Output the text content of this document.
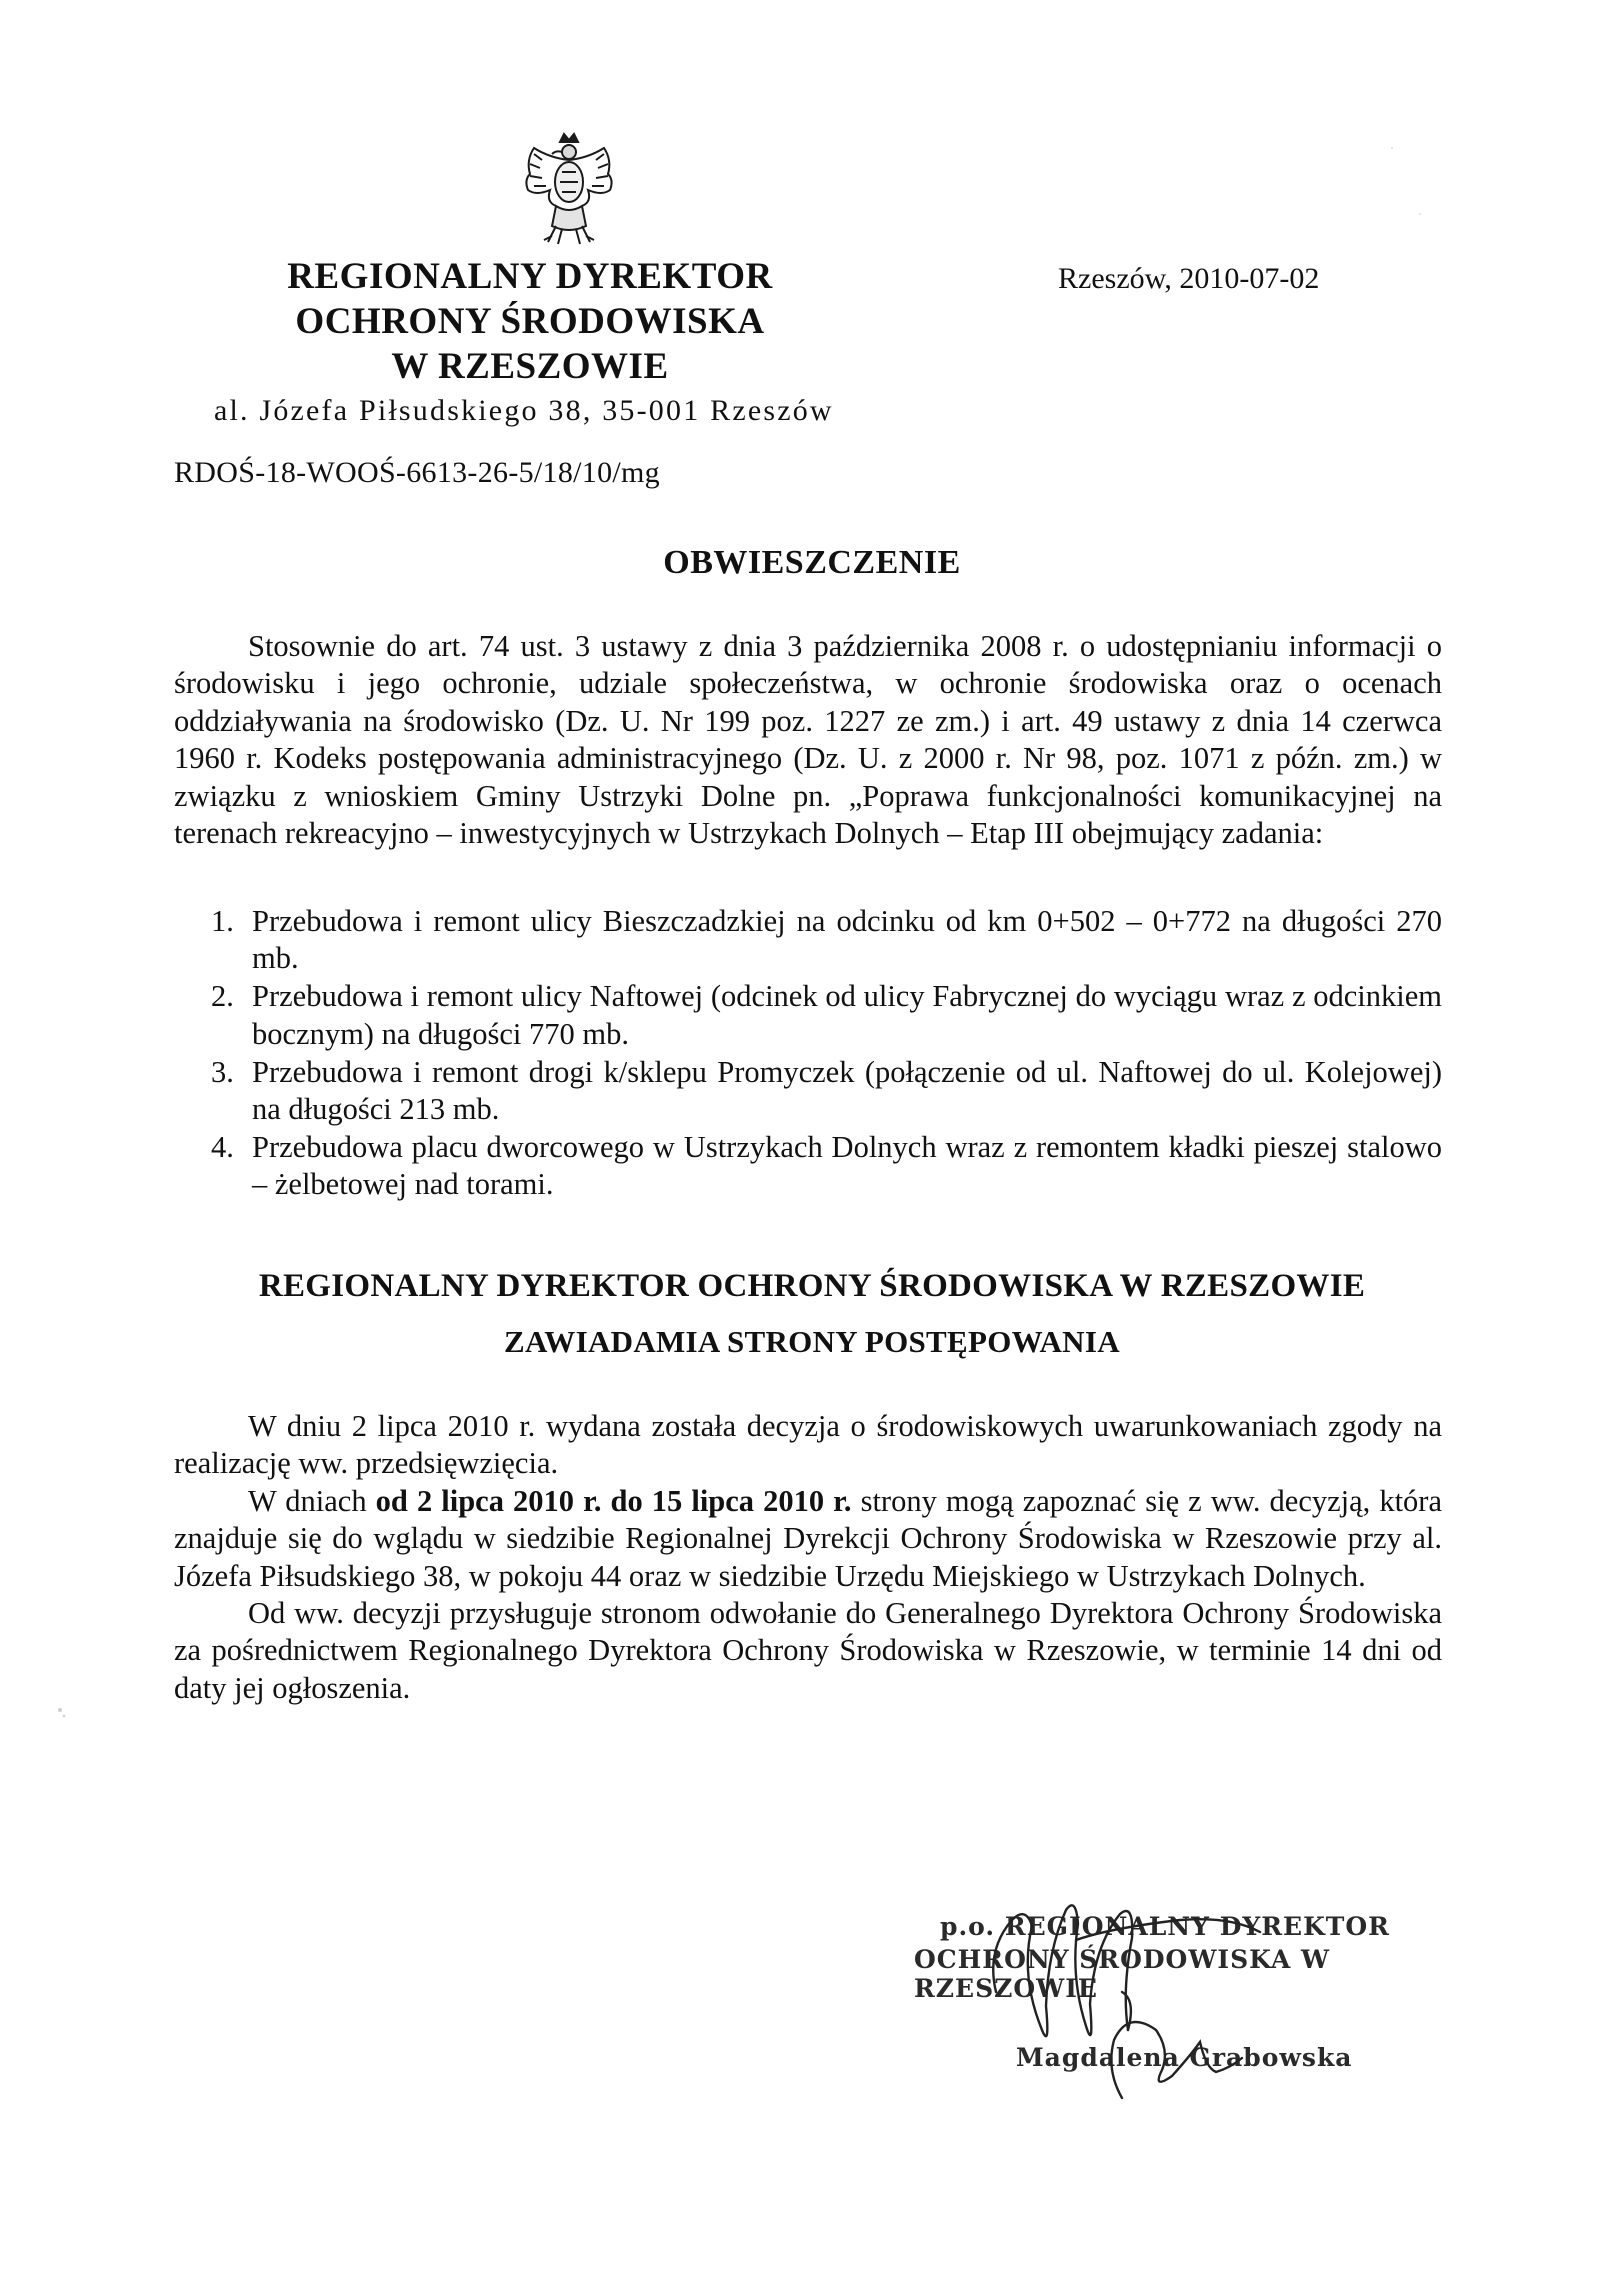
REGIONALNY DYREKTOR
OCHRONY ŚRODOWISKA
W RZESZOWIE
al. Józefa Piłsudskiego 38, 35-001 Rzeszów
Rzeszów, 2010-07-02
RDOŚ-18-WOOŚ-6613-26-5/18/10/mg
OBWIESZCZENIE

Stosownie do art. 74 ust. 3 ustawy z dnia 3 października 2008 r. o udostępnianiu informacji o środowisku i jego ochronie, udziale społeczeństwa, w ochronie środowiska oraz o ocenach oddziaływania na środowisko (Dz. U. Nr 199 poz. 1227 ze zm.) i art. 49 ustawy z dnia 14 czerwca 1960 r. Kodeks postępowania administracyjnego (Dz. U. z 2000 r. Nr 98, poz. 1071 z późn. zm.) w związku z wnioskiem Gminy Ustrzyki Dolne pn. „Poprawa funkcjonalności komunikacyjnej na terenach rekreacyjno – inwestycyjnych w Ustrzykach Dolnych – Etap III obejmujący zadania:

1. Przebudowa i remont ulicy Bieszczadzkiej na odcinku od km 0+502 – 0+772 na długości 270 mb.
2. Przebudowa i remont ulicy Naftowej (odcinek od ulicy Fabrycznej do wyciągu wraz z odcinkiem bocznym) na długości 770 mb.
3. Przebudowa i remont drogi k/sklepu Promyczek (połączenie od ul. Naftowej do ul. Kolejowej) na długości 213 mb.
4. Przebudowa placu dworcowego w Ustrzykach Dolnych wraz z remontem kładki pieszej stalowo – żelbetowej nad torami.
REGIONALNY DYREKTOR OCHRONY ŚRODOWISKA W RZESZOWIE
ZAWIADAMIA STRONY POSTĘPOWANIA

W dniu 2 lipca 2010 r. wydana została decyzja o środowiskowych uwarunkowaniach zgody na realizację ww. przedsięwzięcia.

W dniach od 2 lipca 2010 r. do 15 lipca 2010 r. strony mogą zapoznać się z ww. decyzją, która znajduje się do wglądu w siedzibie Regionalnej Dyrekcji Ochrony Środowiska w Rzeszowie przy al. Józefa Piłsudskiego 38, w pokoju 44 oraz w siedzibie Urzędu Miejskiego w Ustrzykach Dolnych.

Od ww. decyzji przysługuje stronom odwołanie do Generalnego Dyrektora Ochrony Środowiska za pośrednictwem Regionalnego Dyrektora Ochrony Środowiska w Rzeszowie, w terminie 14 dni od daty jej ogłoszenia.

p.o. REGIONALNY DYREKTOR
OCHRONY ŚRODOWISKA W RZESZOWIE
Magdalena Grabowska
